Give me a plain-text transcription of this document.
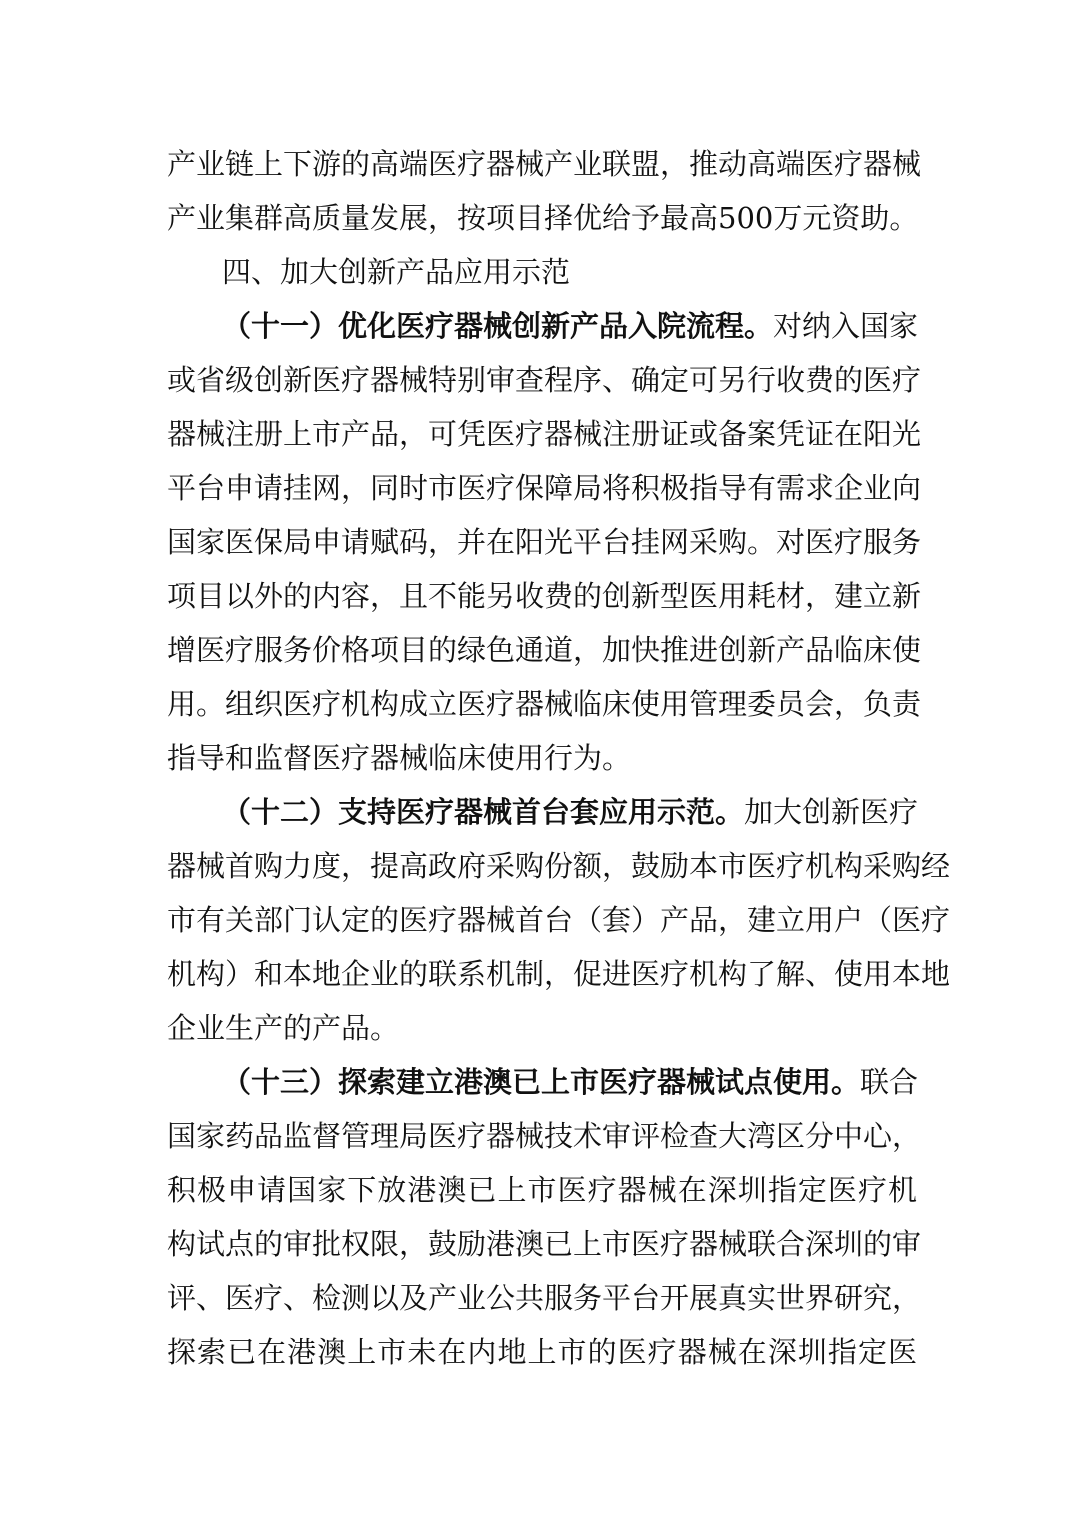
产业链上下游的高端医疗器械产业联盟，推动高端医疗器械
产业集群高质量发展，按项目择优给予最高500万元资助。
四、加大创新产品应用示范
（十一）优化医疗器械创新产品入院流程。对纳入国家
或省级创新医疗器械特别审查程序、确定可另行收费的医疗
器械注册上市产品，可凭医疗器械注册证或备案凭证在阳光
平台申请挂网，同时市医疗保障局将积极指导有需求企业向
国家医保局申请赋码，并在阳光平台挂网采购。对医疗服务
项目以外的内容，且不能另收费的创新型医用耗材，建立新
增医疗服务价格项目的绿色通道，加快推进创新产品临床使
用。组织医疗机构成立医疗器械临床使用管理委员会，负责
指导和监督医疗器械临床使用行为。
（十二）支持医疗器械首台套应用示范。加大创新医疗
器械首购力度，提高政府采购份额，鼓励本市医疗机构采购经
市有关部门认定的医疗器械首台（套）产品，建立用户（医疗
机构）和本地企业的联系机制，促进医疗机构了解、使用本地
企业生产的产品。
（十三）探索建立港澳已上市医疗器械试点使用。联合
国家药品监督管理局医疗器械技术审评检查大湾区分中心，
积极申请国家下放港澳已上市医疗器械在深圳指定医疗机
构试点的审批权限，鼓励港澳已上市医疗器械联合深圳的审
评、医疗、检测以及产业公共服务平台开展真实世界研究，
探索已在港澳上市未在内地上市的医疗器械在深圳指定医
